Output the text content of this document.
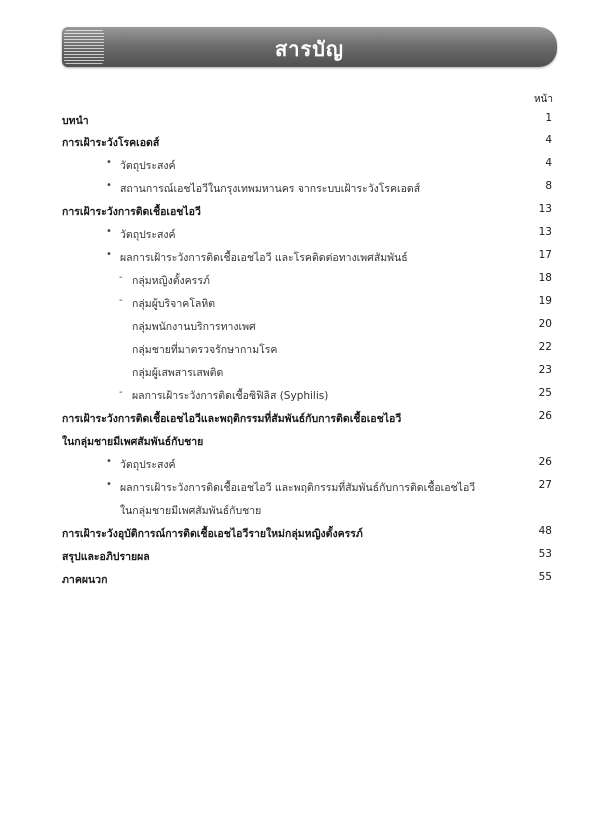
สารบัญ
หน้า
บทนำ	1
การเฝ้าระวังโรคเอดส์	4
• วัตถุประสงค์	4
• สถานการณ์เอชไอวีในกรุงเทพมหานคร จากระบบเฝ้าระวังโรคเอดส์	8
การเฝ้าระวังการติดเชื้อเอชไอวี	13
• วัตถุประสงค์	13
• ผลการเฝ้าระวังการติดเชื้อเอชไอวี และโรคติดต่อทางเพศสัมพันธ์	17
- กลุ่มหญิงตั้งครรภ์	18
- กลุ่มผู้บริจาคโลหิต	19
กลุ่มพนักงานบริการทางเพศ	20
กลุ่มชายที่มาตรวจรักษากามโรค	22
กลุ่มผู้เสพสารเสพติด	23
- ผลการเฝ้าระวังการติดเชื้อซิฟิลิส (Syphilis)	25
การเฝ้าระวังการติดเชื้อเอชไอวีและพฤติกรรมที่สัมพันธ์กับการติดเชื้อเอชไอวี	26
ในกลุ่มชายมีเพศสัมพันธ์กับชาย
• วัตถุประสงค์	26
• ผลการเฝ้าระวังการติดเชื้อเอชไอวี และพฤติกรรมที่สัมพันธ์กับการติดเชื้อเอชไอวี	27
ในกลุ่มชายมีเพศสัมพันธ์กับชาย
การเฝ้าระวังอุบัติการณ์การติดเชื้อเอชไอวีรายใหม่กลุ่มหญิงตั้งครรภ์	48
สรุปและอภิปรายผล	53
ภาคผนวก	55
